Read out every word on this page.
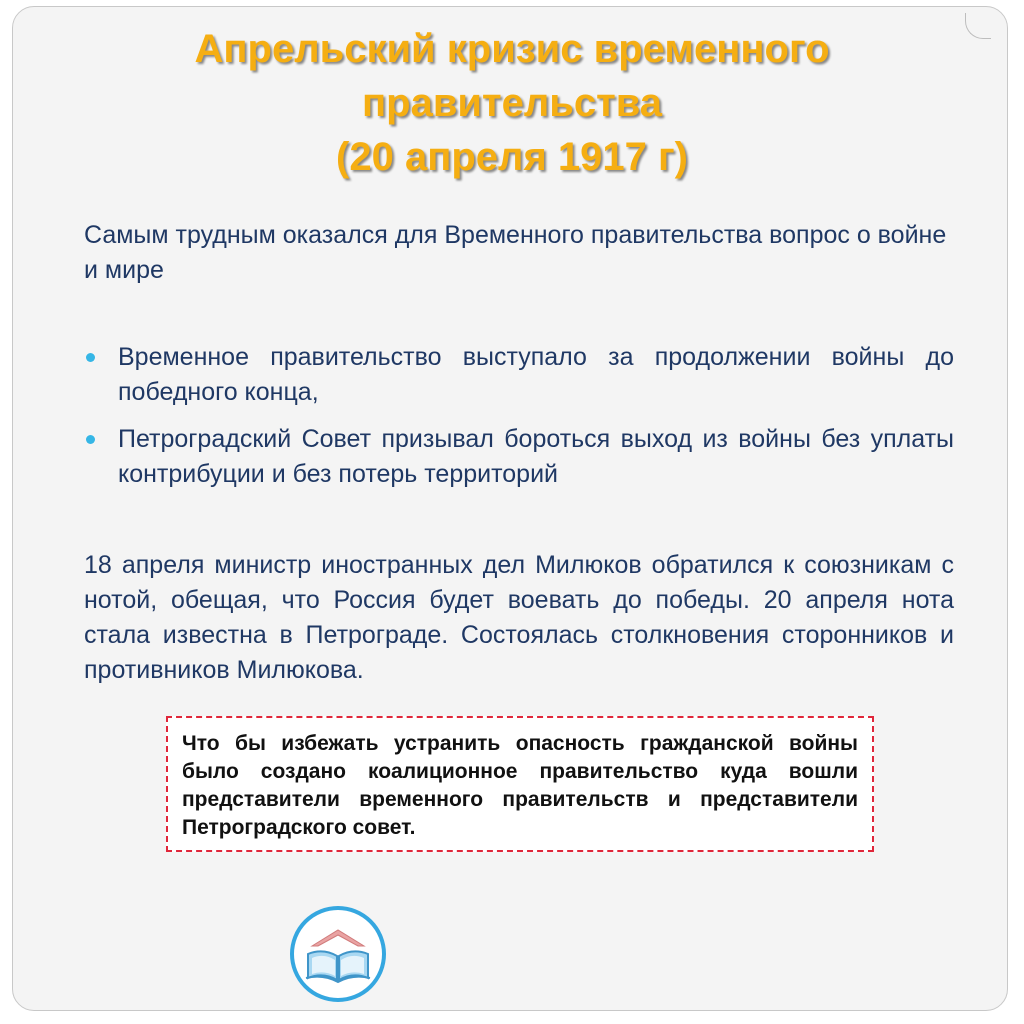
Апрельский кризис временного
правительства
(20 апреля 1917 г)
Самым трудным оказался для Временного правительства вопрос о войне и мире
Временное правительство выступало за продолжении войны до победного конца,
Петроградский Совет призывал бороться выход из войны без уплаты контрибуции и без потерь территорий
18 апреля министр иностранных дел Милюков обратился к союзникам с нотой, обещая, что Россия будет воевать до победы. 20 апреля нота стала известна в Петрограде. Состоялась столкновения сторонников и противников Милюкова.
Что бы избежать устранить опасность гражданской войны было создано коалиционное правительство куда вошли представители временного правительств и представители Петроградского совет.
